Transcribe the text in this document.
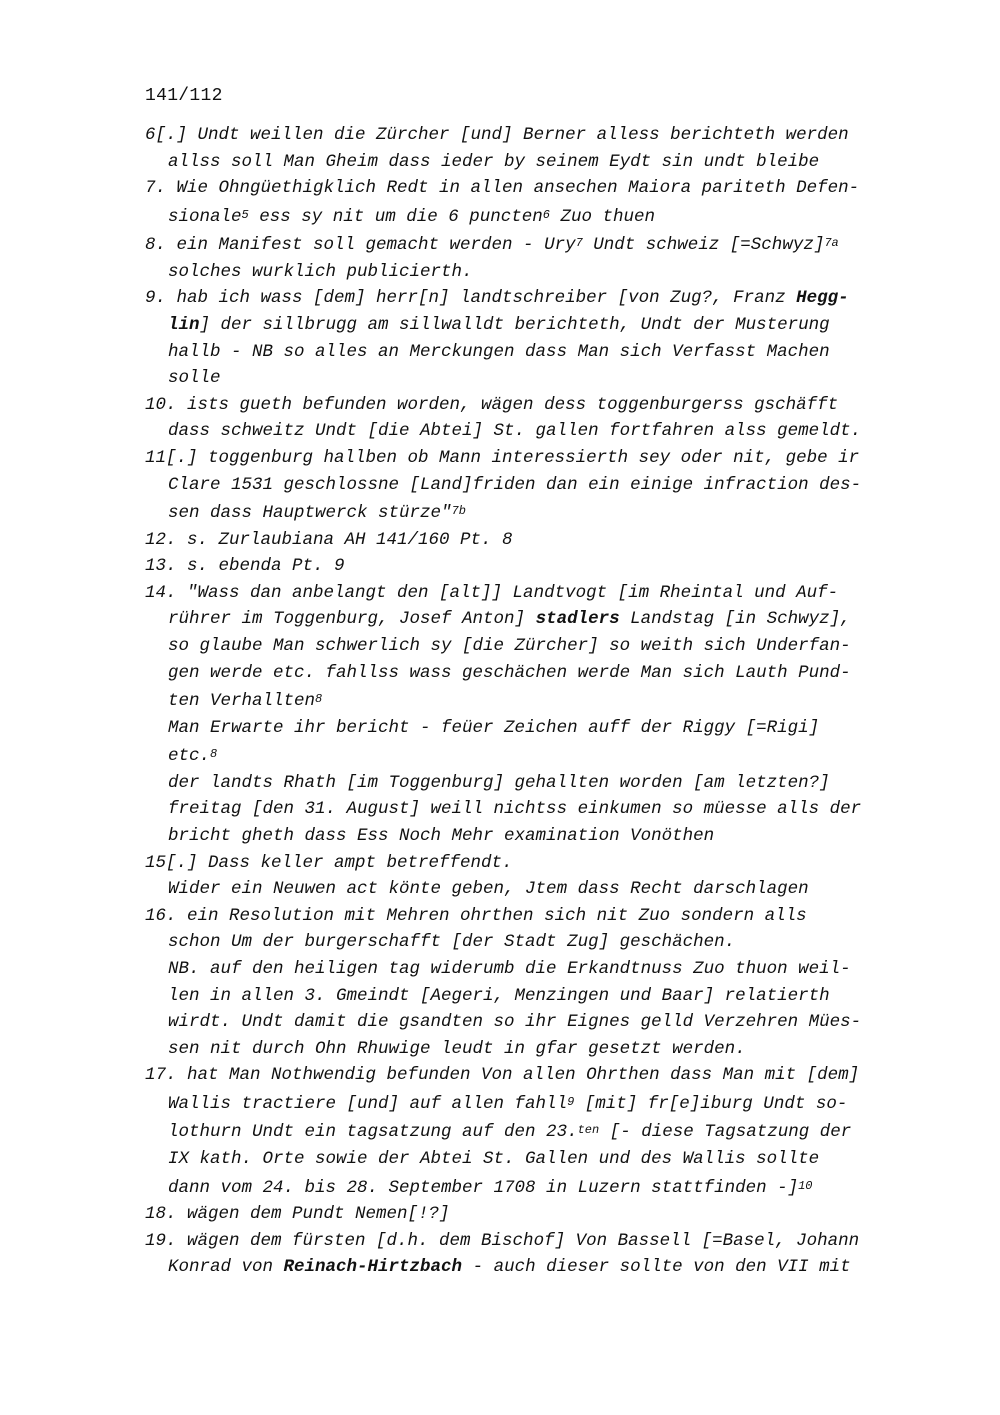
141/112
6[.] Undt weillen die Zürcher [und] Berner alless berichteth werden
allss soll Man Gheim dass ieder by seinem Eydt sin undt bleibe
7. Wie Ohngüethigklich Redt in allen ansechen Maiora pariteth Defen-
sionale$^5$ ess sy nit um die 6 puncten$^6$ Zuo thuen
8. ein Manifest soll gemacht werden - Ury$^7$ Undt schweiz [=Schwyz]$^{7a}$
solches wurklich publicierth.
9. hab ich wass [dem] herr[n] landtschreiber [von Zug?, Franz Hegg-
lin] der sillbrugg am sillwalldt berichteth, Undt der Musterung
hallb - NB so alles an Merckungen dass Man sich Verfasst Machen
solle
10. ists gueth befunden worden, wägen dess toggenburgerss gschäfft
dass schweitz Undt [die Abtei] St. gallen fortfahren alss gemeldt.
11[.] toggenburg hallben ob Mann interessierth sey oder nit, gebe ir
Clare 1531 geschlossne [Land]friden dan ein einige infraction des-
sen dass Hauptwerck stürze"$^{7b}$
12. s. Zurlaubiana AH 141/160 Pt. 8
13. s. ebenda Pt. 9
14. "Wass dan anbelangt den [alt]] Landtvogt [im Rheintal und Auf-
rührer im Toggenburg, Josef Anton] stadlers Landstag [in Schwyz],
so glaube Man schwerlich sy [die Zürcher] so weith sich Underfan-
gen werde etc. fahllss wass geschächen werde Man sich Lauth Pund-
ten Verhallten$^8$
Man Erwarte ihr bericht - feüer Zeichen auff der Riggy [=Rigi]
etc.$^8$
der landts Rhath [im Toggenburg] gehallten worden [am letzten?]
freitag [den 31. August] weill nichtss einkumen so müesse alls der
bricht gheth dass Ess Noch Mehr examination Vonöthen
15[.] Dass keller ampt betreffendt.
Wider ein Neuwen act könte geben, Jtem dass Recht darschlagen
16. ein Resolution mit Mehren ohrthen sich nit Zuo sondern alls
schon Um der burgerschafft [der Stadt Zug] geschächen.
NB. auf den heiligen tag widerumb die Erkandtnuss Zuo thuon weil-
len in allen 3. Gmeindt [Aegeri, Menzingen und Baar] relatierth
wirdt. Undt damit die gsandten so ihr Eignes gelld Verzehren Mües-
sen nit durch Ohn Rhuwige leudt in gfar gesetzt werden.
17. hat Man Nothwendig befunden Von allen Ohrthen dass Man mit [dem]
Wallis tractiere [und] auf allen fahll$^9$ [mit] fr[e]iburg Undt so-
lothurn Undt ein tagsatzung auf den 23.$^{ten}$ [- diese Tagsatzung der
IX kath. Orte sowie der Abtei St. Gallen und des Wallis sollte
dann vom 24. bis 28. September 1708 in Luzern stattfinden -]$^{10}$
18. wägen dem Pundt Nemen[!?]
19. wägen dem fürsten [d.h. dem Bischof] Von Bassell [=Basel, Johann
Konrad von Reinach-Hirtzbach - auch dieser sollte von den VII mit
